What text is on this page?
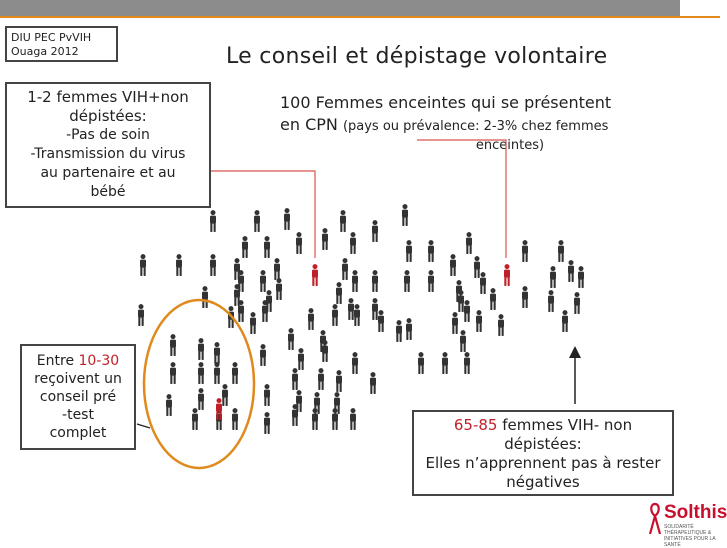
DIU PEC PvVIH
Ouaga 2012	Le conseil et dépistage volontaire
1-2 femmes VIH+non
dépistées:
-Pas de soin
-Transmission du virus
au partenaire et au
bébé
100 Femmes enceintes qui se présentent
en CPN (pays ou prévalence: 2-3% chez femmes
enceintes)
Entre 10-30
reçoivent un
conseil pré
-test
complet	65-85 femmes VIH- non
dépistées:
Elles n’apprennent pas à rester
négatives
Solthis
SOLIDARITÉ THÉRAPEUTIQUE & INITIATIVES POUR LA SANTÉ
